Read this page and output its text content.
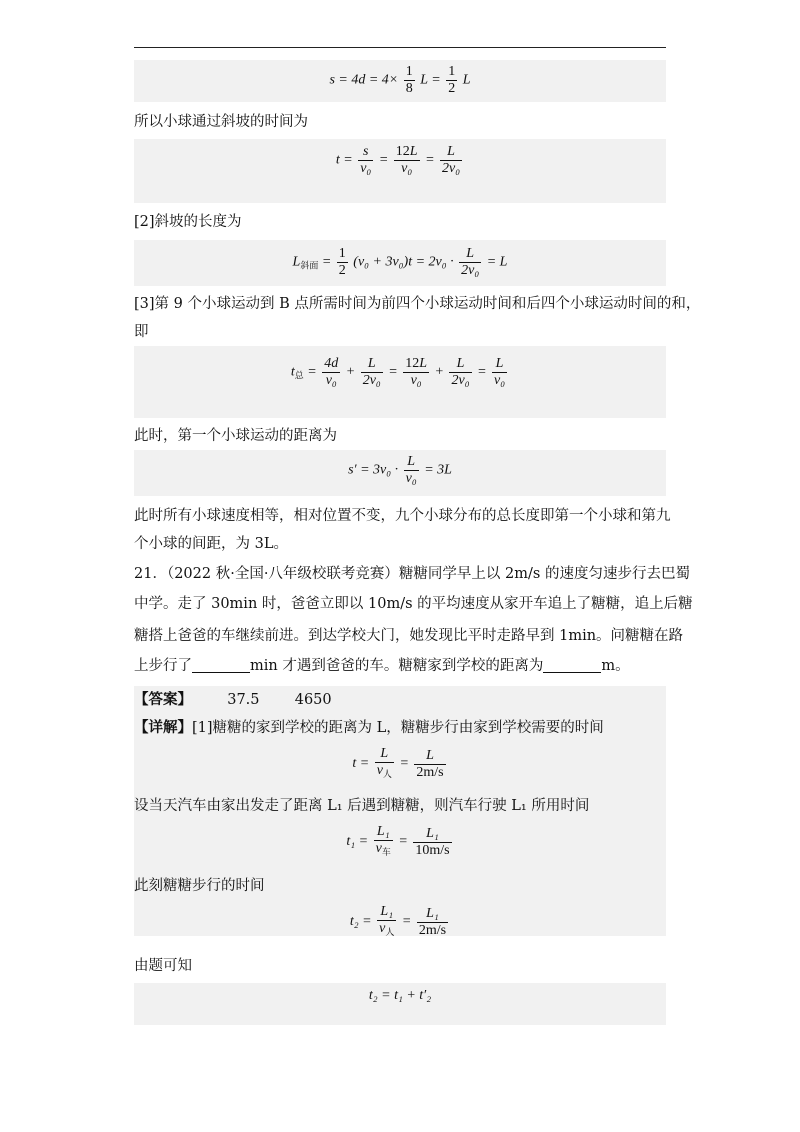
$s = 4d = 4\times \frac{1}{8}$ $L = \frac{1}{2}$ L
所以小球通过斜坡的时间为
$t = \frac{s}{\text{v₀}} = \frac{12L}{\text{v₀}} = \frac{L}{\text{2v₀}}$
[2]斜坡的长度为
$L_{斜面} = \frac{1}{2} (v_0 + 3v_0)t = 2v_0 \cdot \frac{L}{\text{2v₀}} = L$
[3]第 9 个小球运动到 B 点所需时间为前四个小球运动时间和后四个小球运动时间的和，
即
$t_总 = \frac{4d}{\text{v₀}} + \frac{L}{\text{2v₀}} = \frac{12L}{\text{v₀}} + \frac{L}{\text{2v₀}} = \frac{L}{\text{v₀}}$
此时，第一个小球运动的距离为
$s' = 3v_0 \cdot \frac{L}{\text{v₀}} = 3L$
此时所有小球速度相等，相对位置不变，九个小球分布的总长度即第一个小球和第九
个小球的间距，为 3L。
21．（2022 秋·全国·八年级校联考竞赛）糖糖同学早上以 2m/s 的速度匀速步行去巴蜀
中学。走了 30min 时，爸爸立即以 10m/s 的平均速度从家开车追上了糖糖，追上后糖
糖搭上爸爸的车继续前进。到达学校大门，她发现比平时走路早到 1min。问糖糖在路
上步行了	min 才遇到爸爸的车。糖糖家到学校的距离为	m。
【答案】 37.5 4650
【详解】[1]糖糖的家到学校的距离为 L，糖糖步行由家到学校需要的时间
$t = \frac{L}{v_人} = \frac{L}{2m/s}$
设当天汽车由家出发走了距离 L₁ 后遇到糖糖，则汽车行驶 L₁ 所用时间
$t_1 = \frac{\text{L₁}}{v_车} = \frac{\text{L₁}}{10m/s}$
此刻糖糖步行的时间
$t_2 = \frac{\text{L₁}}{v_人} = \frac{\text{L₁}}{2m/s}$
由题可知
t₂ = t₁ + t′₂
